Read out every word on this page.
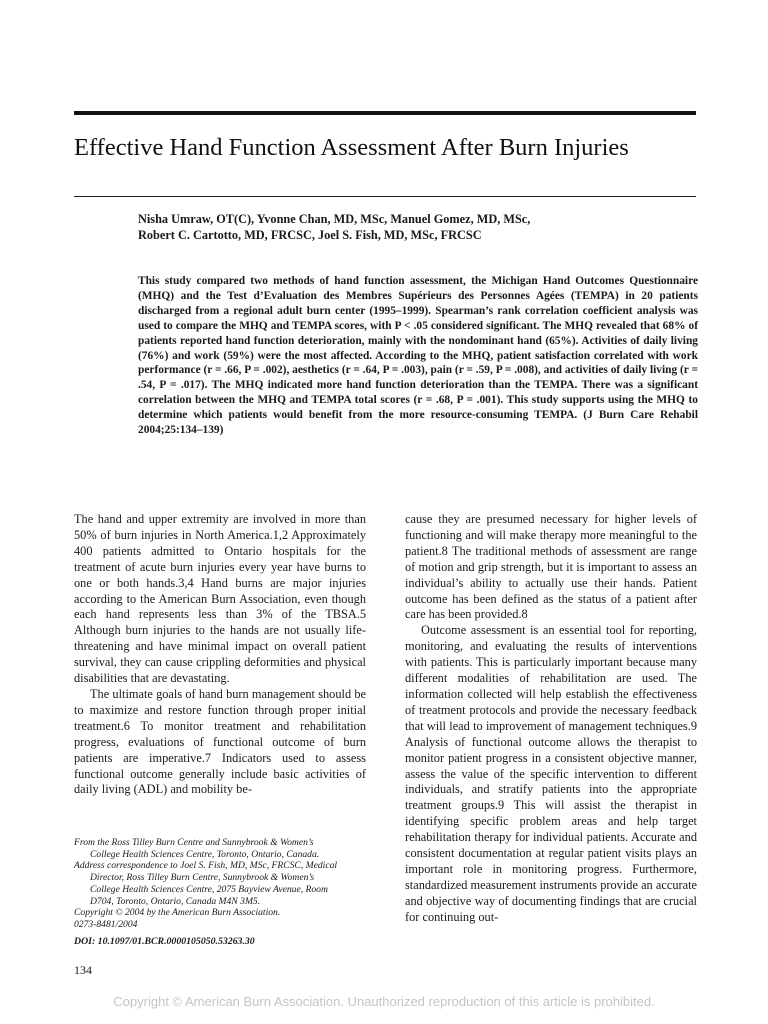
Effective Hand Function Assessment After Burn Injuries
Nisha Umraw, OT(C), Yvonne Chan, MD, MSc, Manuel Gomez, MD, MSc,
Robert C. Cartotto, MD, FRCSC, Joel S. Fish, MD, MSc, FRCSC
This study compared two methods of hand function assessment, the Michigan Hand Outcomes Questionnaire (MHQ) and the Test d’Evaluation des Membres Supérieurs des Personnes Agées (TEMPA) in 20 patients discharged from a regional adult burn center (1995–1999). Spearman’s rank correlation coefficient analysis was used to compare the MHQ and TEMPA scores, with P < .05 considered significant. The MHQ revealed that 68% of patients reported hand function deterioration, mainly with the nondominant hand (65%). Activities of daily living (76%) and work (59%) were the most affected. According to the MHQ, patient satisfaction correlated with work performance (r = .66, P = .002), aesthetics (r = .64, P = .003), pain (r = .59, P = .008), and activities of daily living (r = .54, P = .017). The MHQ indicated more hand function deterioration than the TEMPA. There was a significant correlation between the MHQ and TEMPA total scores (r = .68, P = .001). This study supports using the MHQ to determine which patients would benefit from the more resource-consuming TEMPA. (J Burn Care Rehabil 2004;25:134–139)

The hand and upper extremity are involved in more than 50% of burn injuries in North America.1,2 Approximately 400 patients admitted to Ontario hospitals for the treatment of acute burn injuries every year have burns to one or both hands.3,4 Hand burns are major injuries according to the American Burn Association, even though each hand represents less than 3% of the TBSA.5 Although burn injuries to the hands are not usually life-threatening and have minimal impact on overall patient survival, they can cause crippling deformities and physical disabilities that are devastating.

The ultimate goals of hand burn management should be to maximize and restore function through proper initial treatment.6 To monitor treatment and rehabilitation progress, evaluations of functional outcome of burn patients are imperative.7 Indicators used to assess functional outcome generally include basic activities of daily living (ADL) and mobility be-

cause they are presumed necessary for higher levels of functioning and will make therapy more meaningful to the patient.8 The traditional methods of assessment are range of motion and grip strength, but it is important to assess an individual’s ability to actually use their hands. Patient outcome has been defined as the status of a patient after care has been provided.8

Outcome assessment is an essential tool for reporting, monitoring, and evaluating the results of interventions with patients. This is particularly important because many different modalities of rehabilitation are used. The information collected will help establish the effectiveness of treatment protocols and provide the necessary feedback that will lead to improvement of management techniques.9 Analysis of functional outcome allows the therapist to monitor patient progress in a consistent objective manner, assess the value of the specific intervention to different individuals, and stratify patients into the appropriate treatment groups.9 This will assist the therapist in identifying specific problem areas and help target rehabilitation therapy for individual patients. Accurate and consistent documentation at regular patient visits plays an important role in monitoring progress. Furthermore, standardized measurement instruments provide an accurate and objective way of documenting findings that are crucial for continuing out-

From the Ross Tilley Burn Centre and Sunnybrook & Women’s
College Health Sciences Centre, Toronto, Ontario, Canada.
Address correspondence to Joel S. Fish, MD, MSc, FRCSC, Medical
Director, Ross Tilley Burn Centre, Sunnybrook & Women’s
College Health Sciences Centre, 2075 Bayview Avenue, Room
D704, Toronto, Ontario, Canada M4N 3M5.
Copyright © 2004 by the American Burn Association.
0273-8481/2004
DOI: 10.1097/01.BCR.0000105050.53263.30
134
Copyright © American Burn Association. Unauthorized reproduction of this article is prohibited.
